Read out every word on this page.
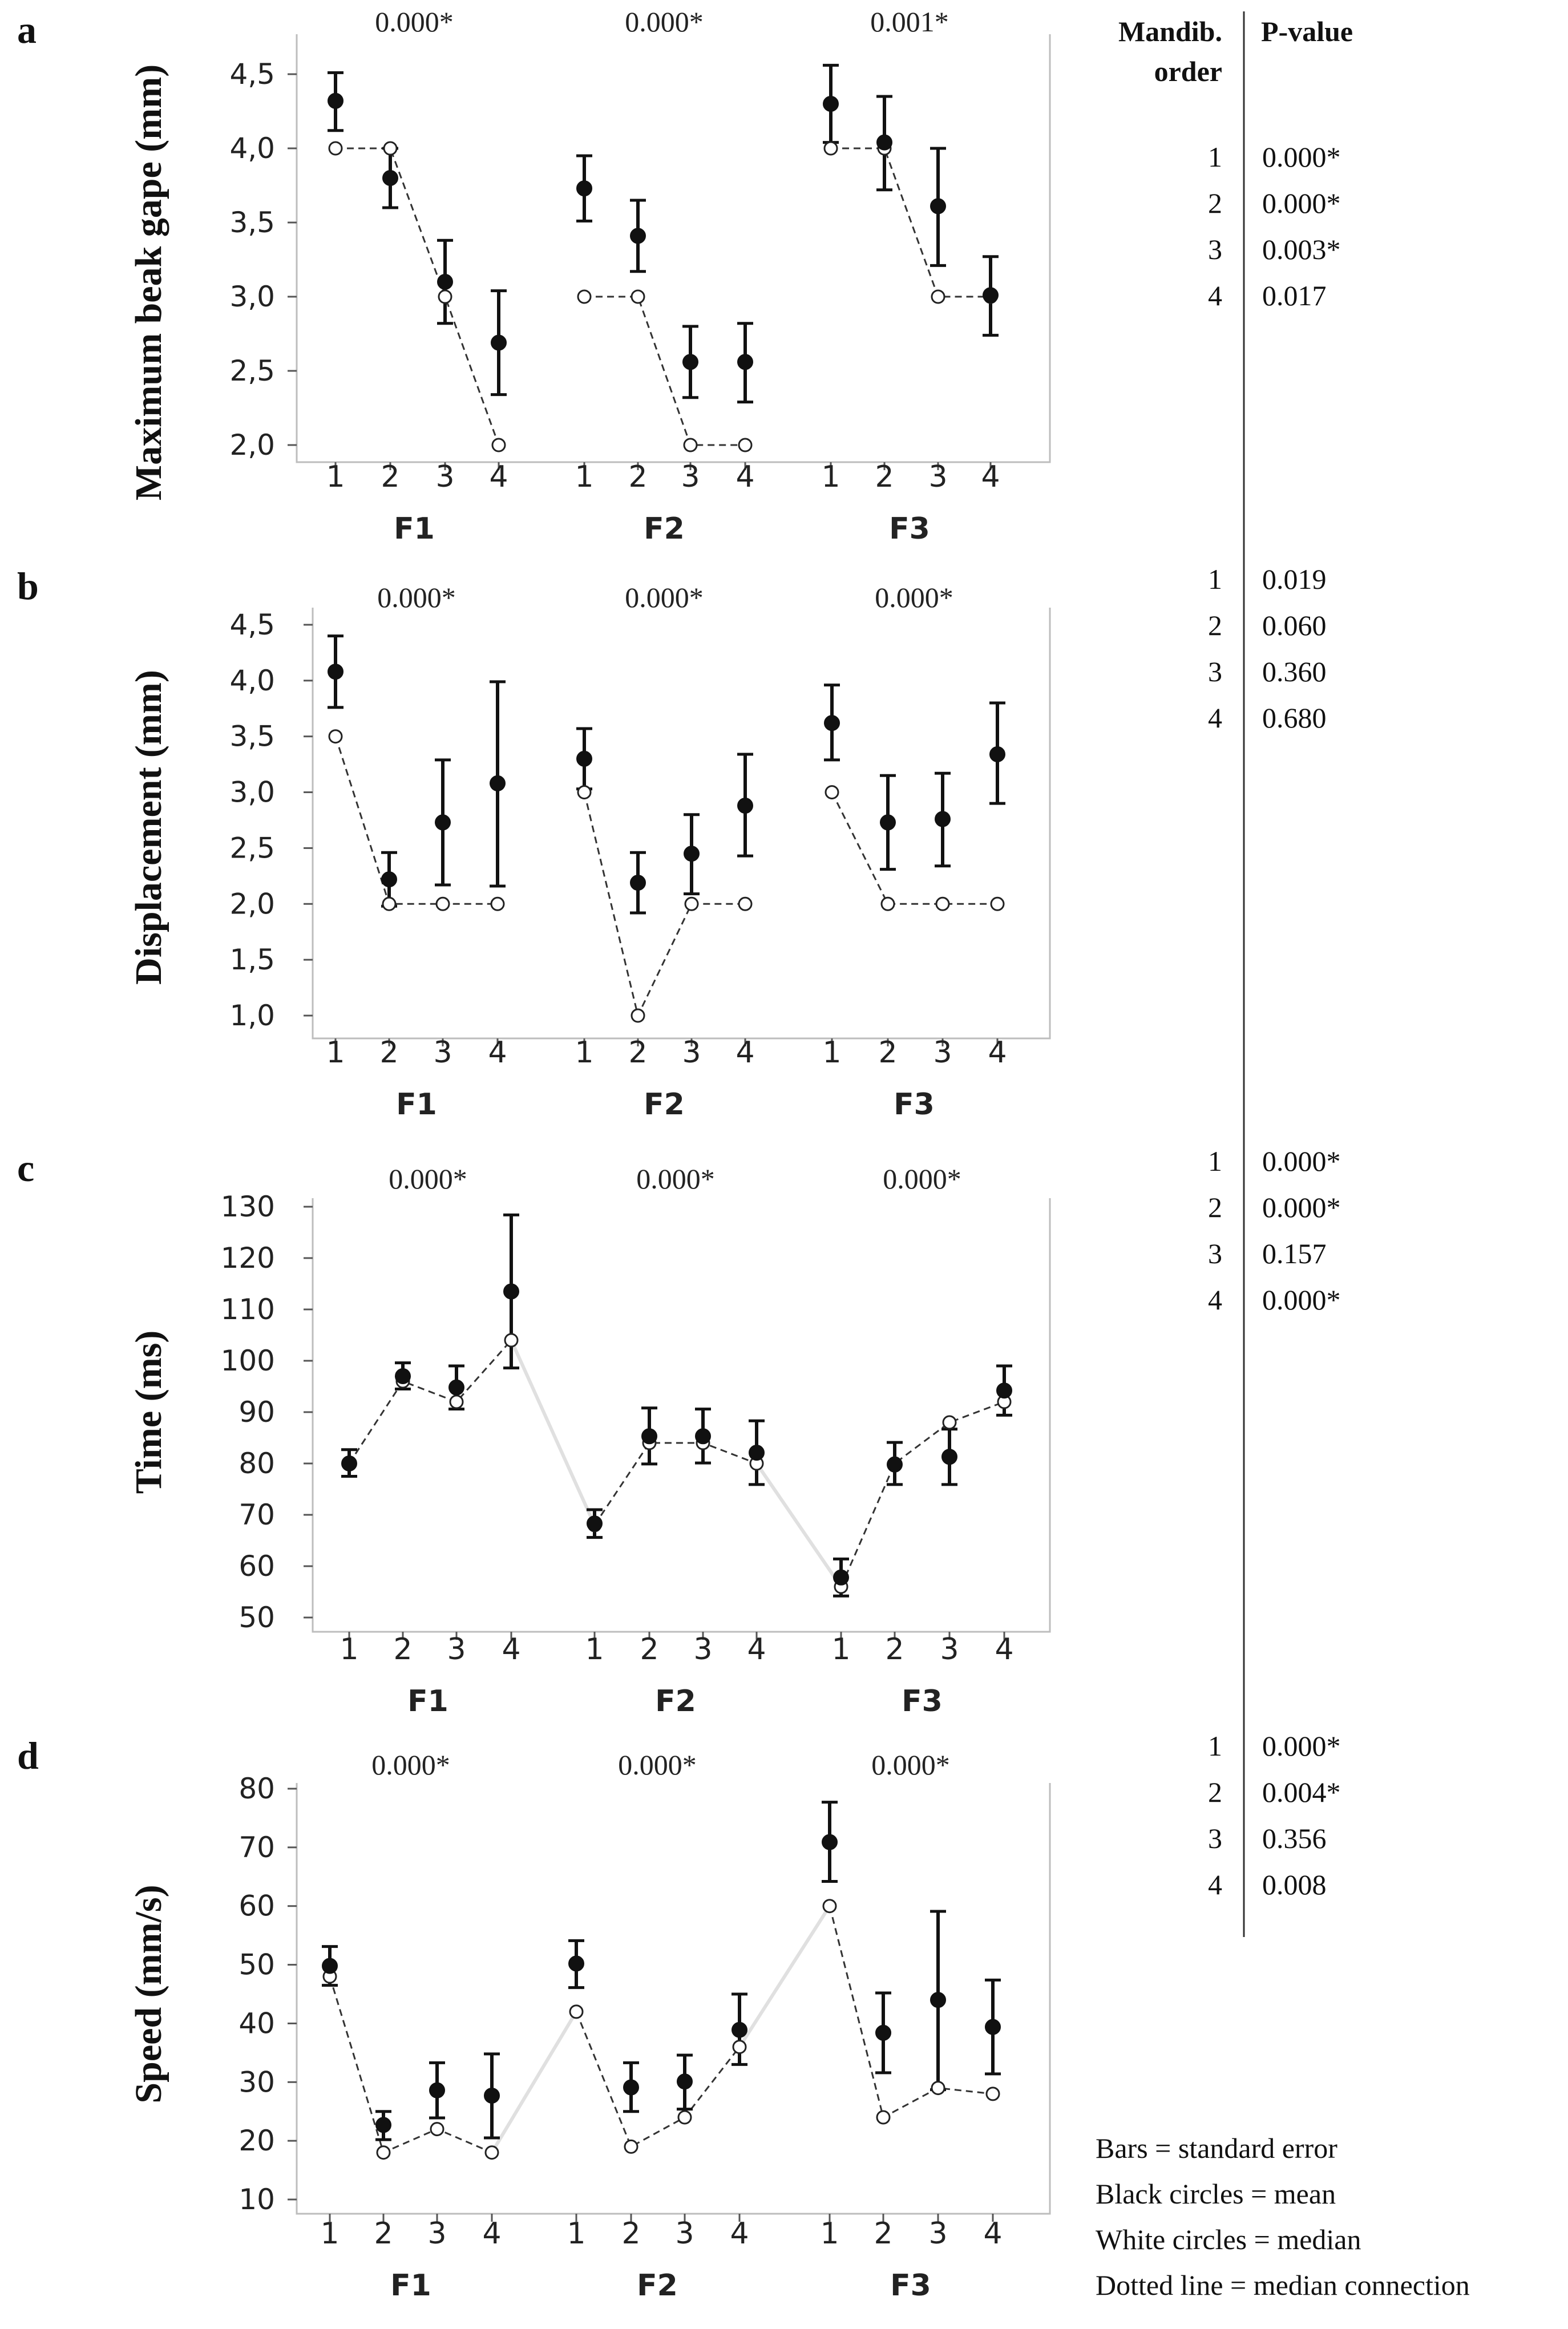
a
Maximum beak gape (mm) 2,0
2,5
3,0
3,5
4,0
4,5
1 2 3 4
F1
0.000*
1 2 3 4
F2
0.000*
1 2 3 4
F3
0.001*
b
Displacement (mm)
1,0
1,5
2,0
2,5
3,0
3,5
4,0
4,5
1 2 3 4
F1
0.000*
1 2 3 4
F2
0.000*
1 2 3 4
F3
0.000*
c
Time (ms)
50
60
70
80
90
100
110
120
130
1 2 3 4
F1
0.000*
1 2 3 4
F2
0.000*
1 2 3 4
F3
0.000*
d
Speed (mm/s)
10
20
30
40
50
60
70
80
1 2 3 4
F1
0.000*
1 2 3 4
F2
0.000*
1 2 3 4
F3
0.000*
Mandib.
order
P-value
1 0.000*
2 0.000*
3 0.003*
4 0.017
1 0.019
2 0.060
3 0.360
4 0.680
1 0.000*
2 0.000*
3 0.157
4 0.000*
1 0.000*
2 0.004*
3 0.356
4 0.008
Bars = standard error
Black circles = mean
White circles = median
Dotted line = median connection
